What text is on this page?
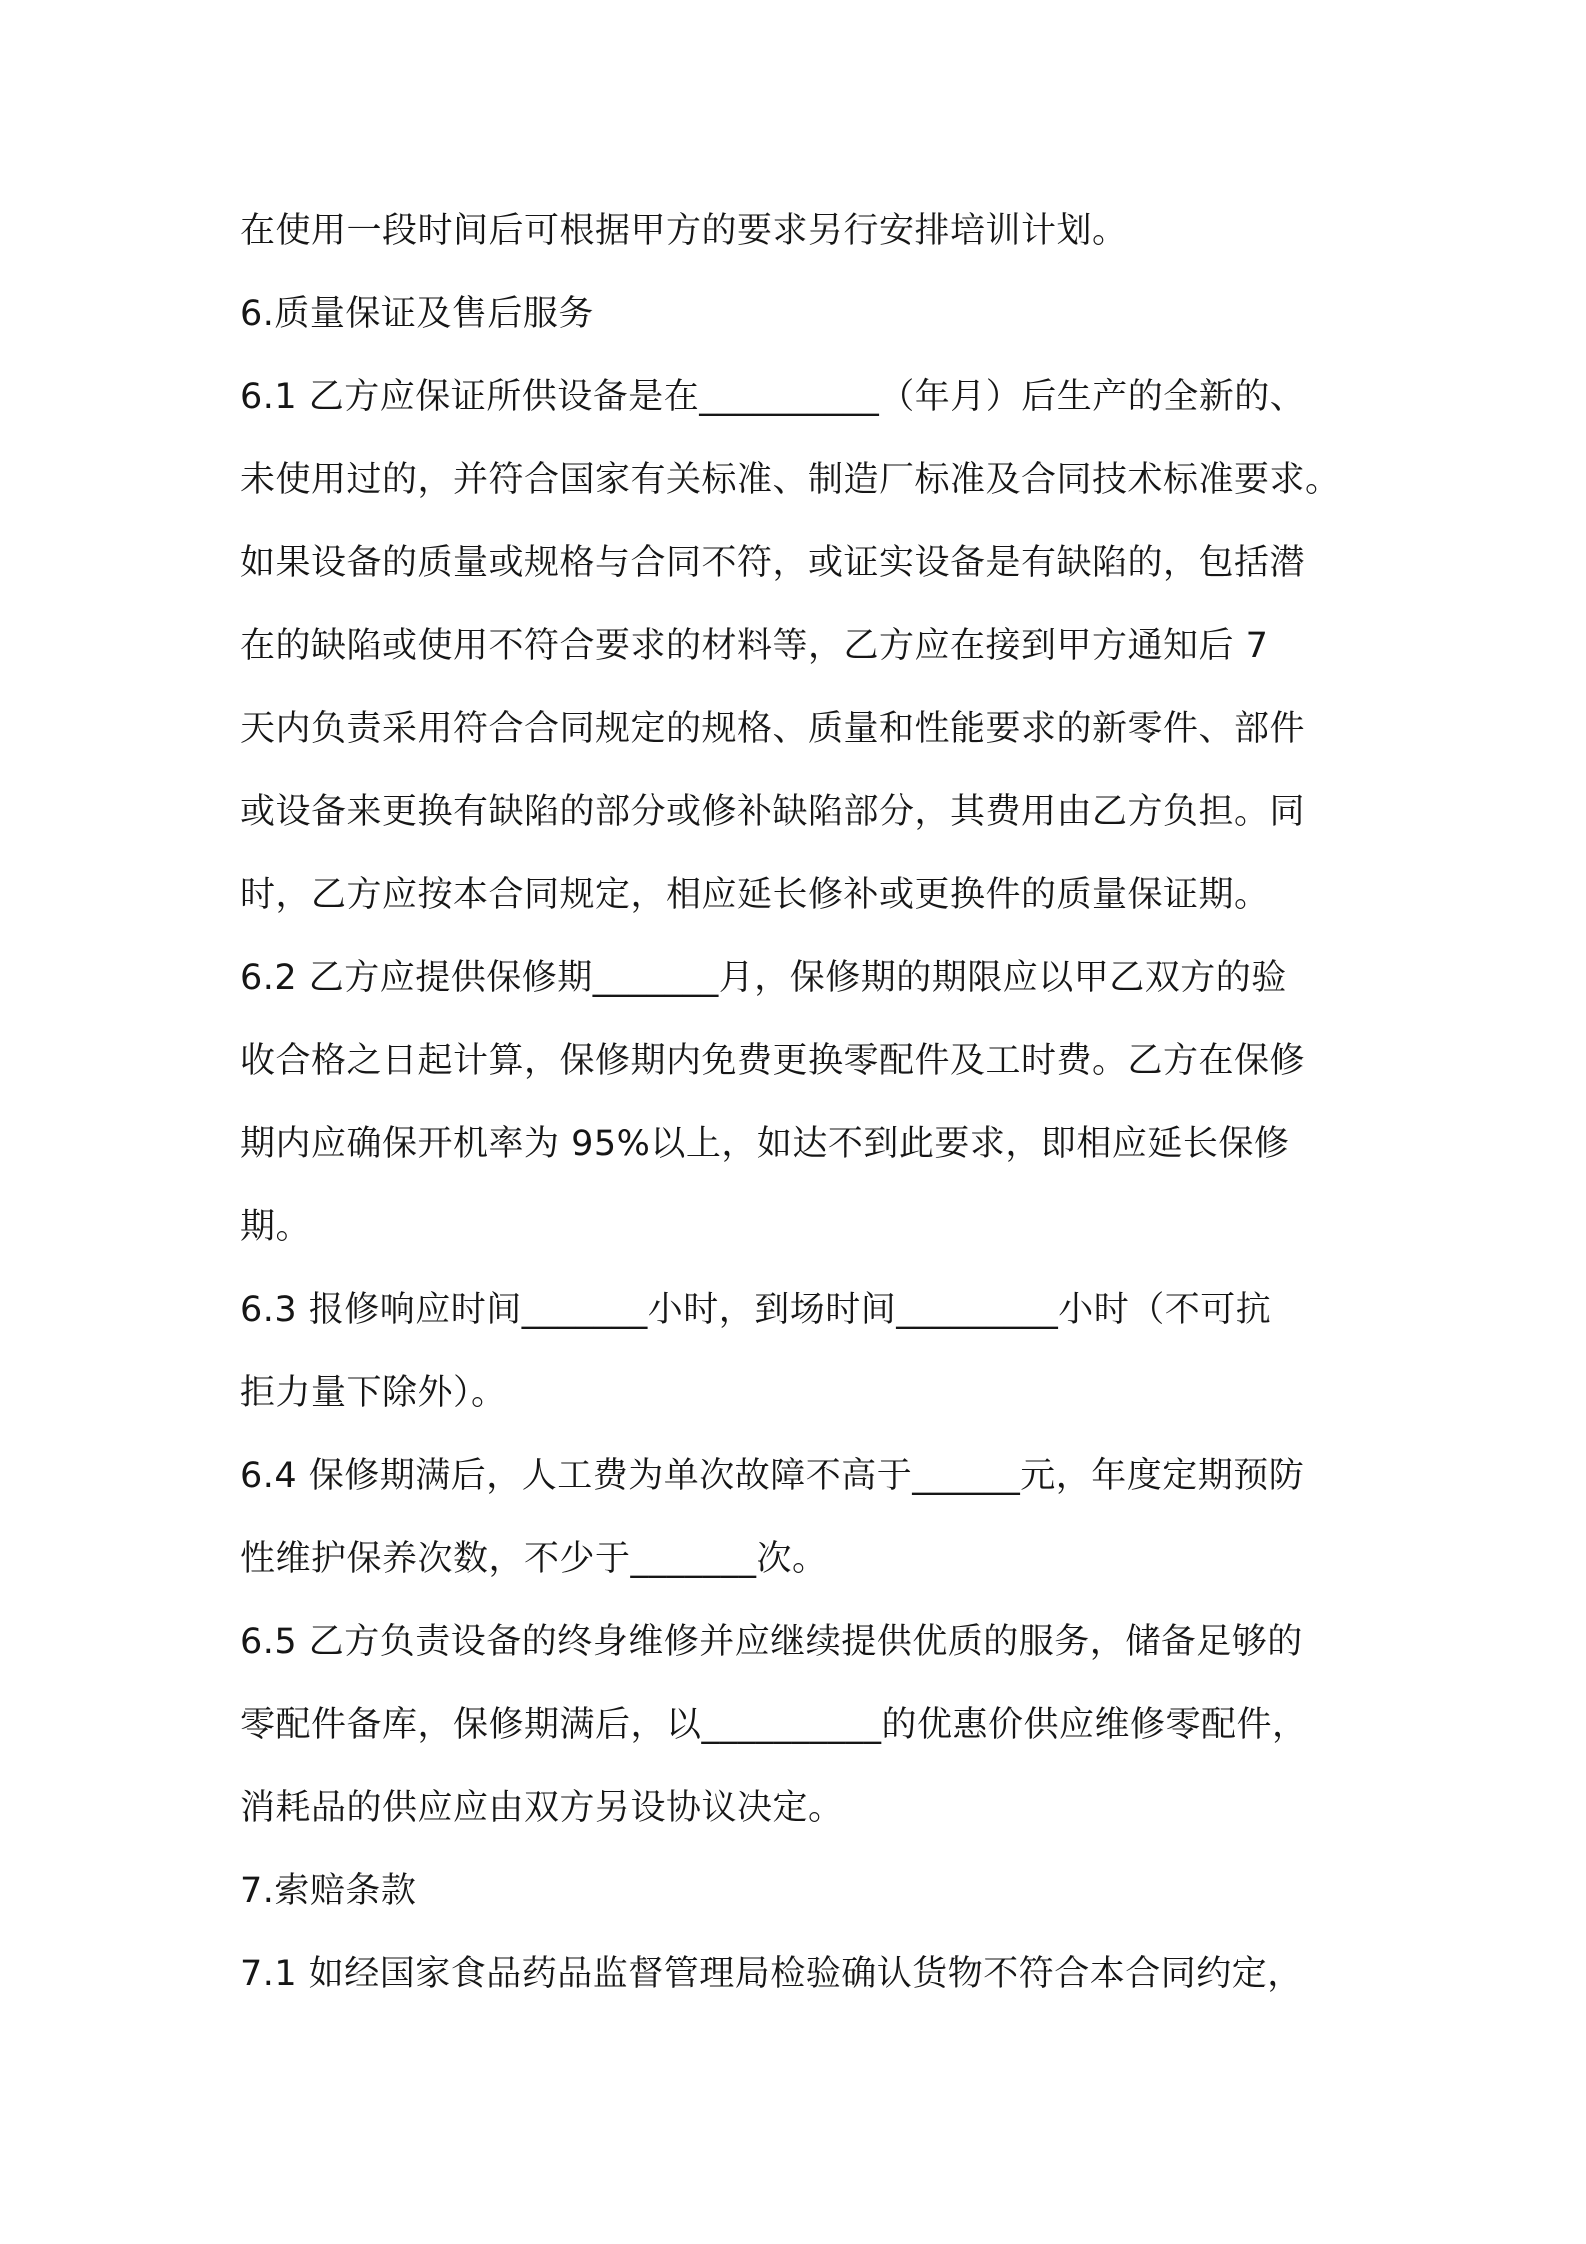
在使用一段时间后可根据甲方的要求另行安排培训计划。

6.质量保证及售后服务

6.1 乙方应保证所供设备是在__________（年月）后生产的全新的、

未使用过的，并符合国家有关标准、制造厂标准及合同技术标准要求。

如果设备的质量或规格与合同不符，或证实设备是有缺陷的，包括潜

在的缺陷或使用不符合要求的材料等，乙方应在接到甲方通知后 7

天内负责采用符合合同规定的规格、质量和性能要求的新零件、部件

或设备来更换有缺陷的部分或修补缺陷部分，其费用由乙方负担。同

时，乙方应按本合同规定，相应延长修补或更换件的质量保证期。

6.2 乙方应提供保修期_______月，保修期的期限应以甲乙双方的验

收合格之日起计算，保修期内免费更换零配件及工时费。乙方在保修

期内应确保开机率为 95%以上，如达不到此要求，即相应延长保修

期。

6.3 报修响应时间_______小时，到场时间_________小时（不可抗

拒力量下除外）。

6.4 保修期满后，人工费为单次故障不高于______元，年度定期预防

性维护保养次数，不少于_______次。

6.5 乙方负责设备的终身维修并应继续提供优质的服务，储备足够的

零配件备库，保修期满后，以__________的优惠价供应维修零配件，

消耗品的供应应由双方另设协议决定。

7.索赔条款

7.1 如经国家食品药品监督管理局检验确认货物不符合本合同约定，
